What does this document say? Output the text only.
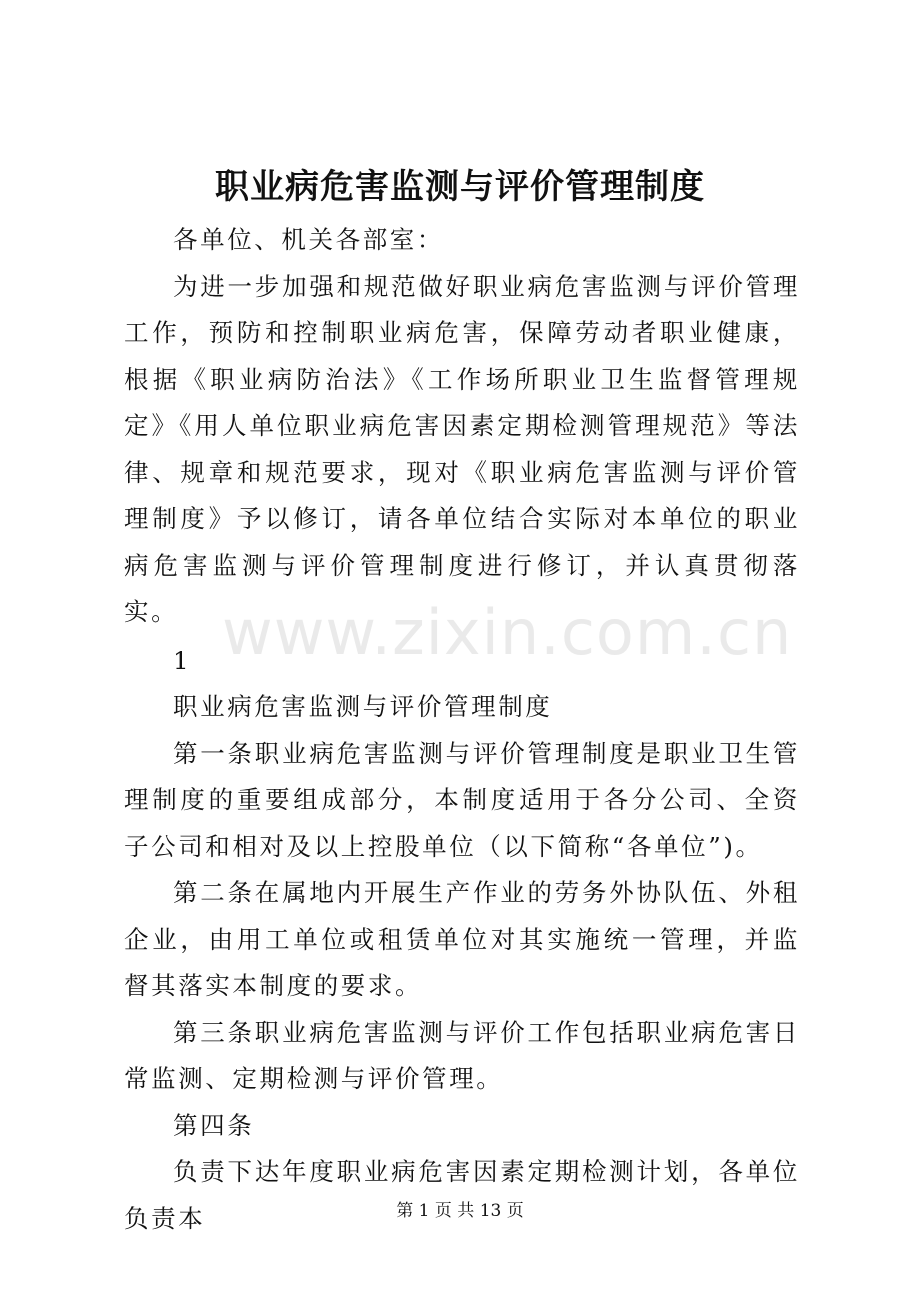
职业病危害监测与评价管理制度

各单位、机关各部室：

为进一步加强和规范做好职业病危害监测与评价管理工作，预防和控制职业病危害，保障劳动者职业健康，根据《职业病防治法》《工作场所职业卫生监督管理规定》《用人单位职业病危害因素定期检测管理规范》等法律、规章和规范要求，现对《职业病危害监测与评价管理制度》予以修订，请各单位结合实际对本单位的职业病危害监测与评价管理制度进行修订，并认真贯彻落实。

1

职业病危害监测与评价管理制度

第一条职业病危害监测与评价管理制度是职业卫生管理制度的重要组成部分，本制度适用于各分公司、全资子公司和相对及以上控股单位（以下简称“各单位”)。

第二条在属地内开展生产作业的劳务外协队伍、外租企业，由用工单位或租赁单位对其实施统一管理，并监督其落实本制度的要求。

第三条职业病危害监测与评价工作包括职业病危害日常监测、定期检测与评价管理。

第四条

负责下达年度职业病危害因素定期检测计划，各单位负责本

www.zixin.com.cn
第 1 页 共 13 页
